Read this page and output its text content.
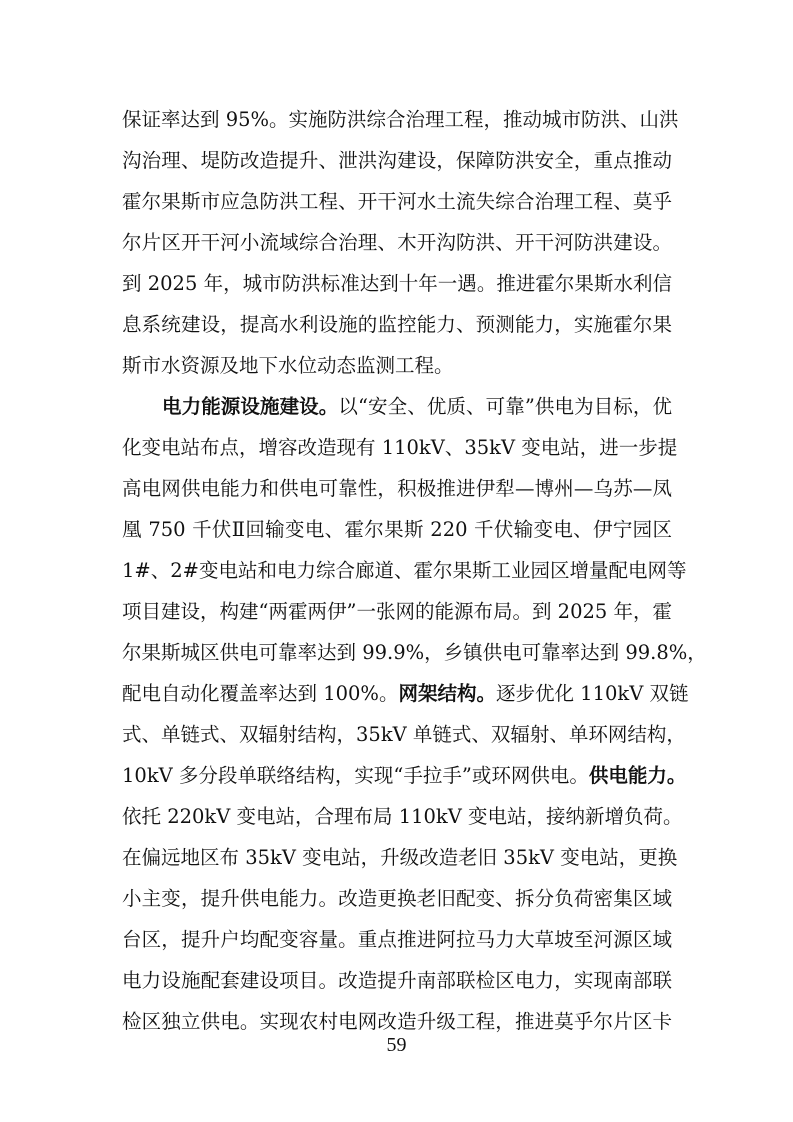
保证率达到 95%。实施防洪综合治理工程，推动城市防洪、山洪
沟治理、堤防改造提升、泄洪沟建设，保障防洪安全，重点推动
霍尔果斯市应急防洪工程、开干河水土流失综合治理工程、莫乎
尔片区开干河小流域综合治理、木开沟防洪、开干河防洪建设。
到 2025 年，城市防洪标准达到十年一遇。推进霍尔果斯水利信
息系统建设，提高水利设施的监控能力、预测能力，实施霍尔果
斯市水资源及地下水位动态监测工程。
电力能源设施建设。以“安全、优质、可靠”供电为目标，优
化变电站布点，增容改造现有 110kV、35kV 变电站，进一步提
高电网供电能力和供电可靠性，积极推进伊犁—博州—乌苏—凤
凰 750 千伏Ⅱ回输变电、霍尔果斯 220 千伏输变电、伊宁园区
1#、2#变电站和电力综合廊道、霍尔果斯工业园区增量配电网等
项目建设，构建“两霍两伊”一张网的能源布局。到 2025 年，霍
尔果斯城区供电可靠率达到 99.9%，乡镇供电可靠率达到 99.8%，
配电自动化覆盖率达到 100%。网架结构。逐步优化 110kV 双链
式、单链式、双辐射结构，35kV 单链式、双辐射、单环网结构，
10kV 多分段单联络结构，实现“手拉手”或环网供电。供电能力。
依托 220kV 变电站，合理布局 110kV 变电站，接纳新增负荷。
在偏远地区布 35kV 变电站，升级改造老旧 35kV 变电站，更换
小主变，提升供电能力。改造更换老旧配变、拆分负荷密集区域
台区，提升户均配变容量。重点推进阿拉马力大草坡至河源区域
电力设施配套建设项目。改造提升南部联检区电力，实现南部联
检区独立供电。实现农村电网改造升级工程，推进莫乎尔片区卡
59
